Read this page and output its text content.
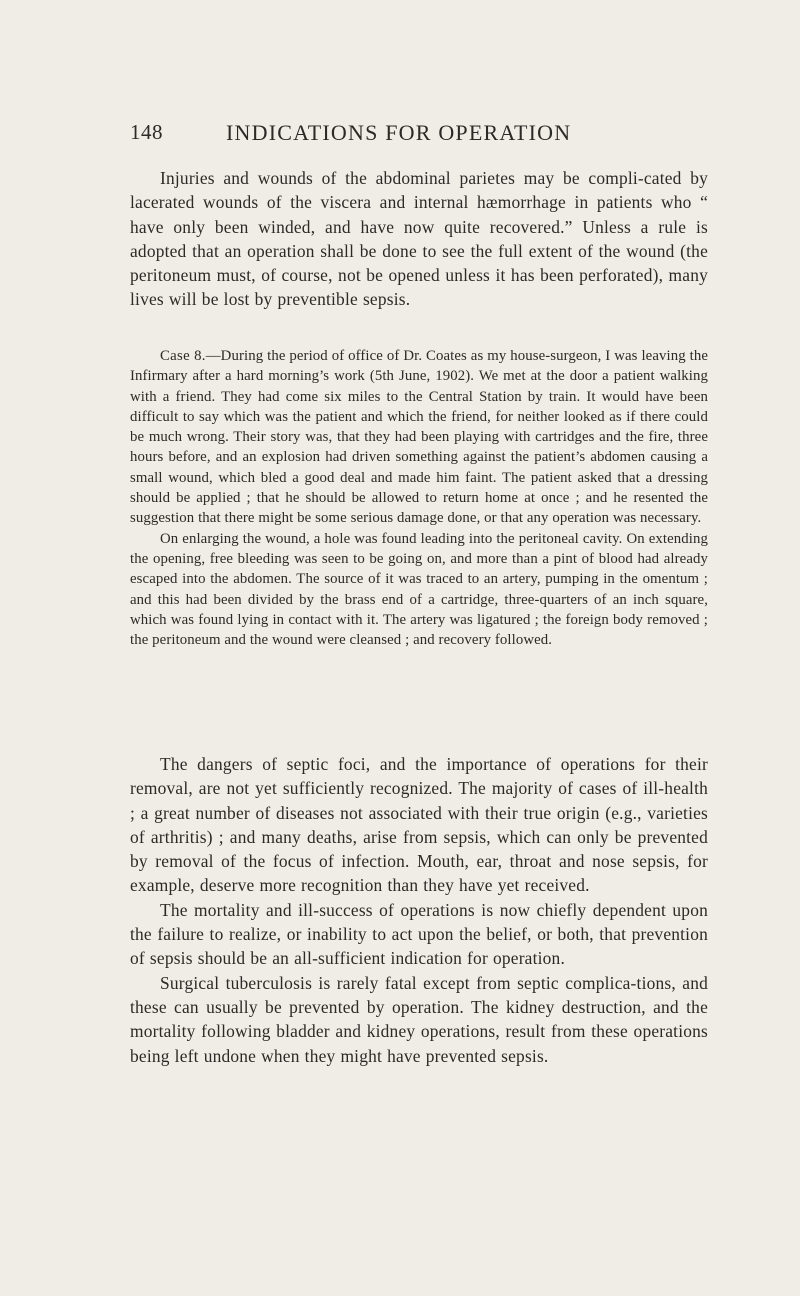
148	INDICATIONS FOR OPERATION

Injuries and wounds of the abdominal parietes may be compli-cated by lacerated wounds of the viscera and internal hæmorrhage in patients who “ have only been winded, and have now quite recovered.” Unless a rule is adopted that an operation shall be done to see the full extent of the wound (the peritoneum must, of course, not be opened unless it has been perforated), many lives will be lost by preventible sepsis.

Case 8.—During the period of office of Dr. Coates as my house-surgeon, I was leaving the Infirmary after a hard morning’s work (5th June, 1902). We met at the door a patient walking with a friend. They had come six miles to the Central Station by train. It would have been difficult to say which was the patient and which the friend, for neither looked as if there could be much wrong. Their story was, that they had been playing with cartridges and the fire, three hours before, and an explosion had driven something against the patient’s abdomen causing a small wound, which bled a good deal and made him faint. The patient asked that a dressing should be applied ; that he should be allowed to return home at once ; and he resented the suggestion that there might be some serious damage done, or that any operation was necessary.

On enlarging the wound, a hole was found leading into the peritoneal cavity. On extending the opening, free bleeding was seen to be going on, and more than a pint of blood had already escaped into the abdomen. The source of it was traced to an artery, pumping in the omentum ; and this had been divided by the brass end of a cartridge, three-quarters of an inch square, which was found lying in contact with it. The artery was ligatured ; the foreign body removed ; the peritoneum and the wound were cleansed ; and recovery followed.

The dangers of septic foci, and the importance of operations for their removal, are not yet sufficiently recognized. The majority of cases of ill-health ; a great number of diseases not associated with their true origin (e.g., varieties of arthritis) ; and many deaths, arise from sepsis, which can only be prevented by removal of the focus of infection. Mouth, ear, throat and nose sepsis, for example, deserve more recognition than they have yet received.

The mortality and ill-success of operations is now chiefly dependent upon the failure to realize, or inability to act upon the belief, or both, that prevention of sepsis should be an all-sufficient indication for operation.

Surgical tuberculosis is rarely fatal except from septic complica-tions, and these can usually be prevented by operation. The kidney destruction, and the mortality following bladder and kidney operations, result from these operations being left undone when they might have prevented sepsis.
